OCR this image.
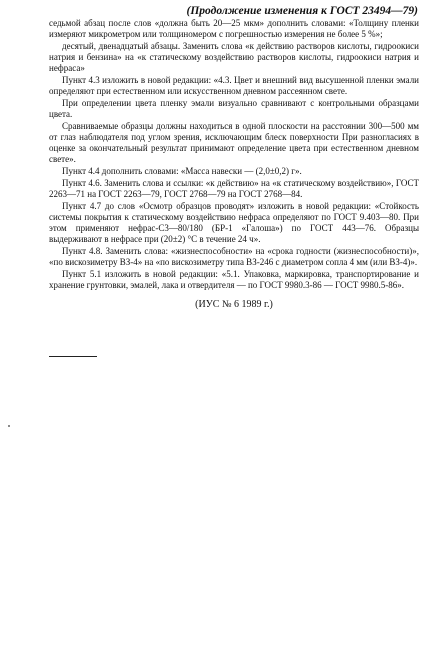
(Продолжение изменения к ГОСТ 23494—79)

седьмой абзац после слов «должна быть 20—25 мкм» дополнить словами: «Толщину пленки измеряют микрометром или толщиномером с погрешностью измерения не более 5 %»;

десятый, двенадцатый абзацы. Заменить слова «к действию растворов кислоты, гидроокиси натрия и бензина» на «к статическому воздействию растворов кислоты, гидроокиси натрия и нефраса»

Пункт 4.3 изложить в новой редакции: «4.3. Цвет и внешний вид высушенной пленки эмали определяют при естественном или искусственном дневном рассеянном свете.

При определении цвета пленку эмали визуально сравнивают с контрольными образцами цвета.

Сравниваемые образцы должны находиться в одной плоскости на расстоянии 300—500 мм от глаз наблюдателя под углом зрения, исключающим блеск поверхности При разногласиях в оценке за окончательный результат принимают определение цвета при естественном дневном свете».

Пункт 4.4 дополнить словами: «Масса навески — (2,0±0,2) г».

Пункт 4.6. Заменить слова и ссылки: «к действию» на «к статическому воздействию», ГОСТ 2263—71 на ГОСТ 2263—79, ГОСТ 2768—79 на ГОСТ 2768—84.

Пункт 4.7 до слов «Осмотр образцов проводят» изложить в новой редакции: «Стойкость системы покрытия к статическому воздействию нефраса определяют по ГОСТ 9.403—80. При этом применяют нефрас-С3—80/180 (БР-1 «Галоша») по ГОСТ 443—76. Образцы выдерживают в нефрасе при (20±2) °С в течение 24 ч».

Пункт 4.8. Заменить слова: «жизнеспособности» на «срока годности (жизнеспособности)», «по вискозиметру ВЗ-4» на «по вискозиметру типа ВЗ-246 с диаметром сопла 4 мм (или ВЗ-4)».

Пункт 5.1 изложить в новой редакции: «5.1. Упаковка, маркировка, транспортирование и хранение грунтовки, эмалей, лака и отвердителя — по ГОСТ 9980.3-86 — ГОСТ 9980.5-86».

(ИУС № 6 1989 г.)
